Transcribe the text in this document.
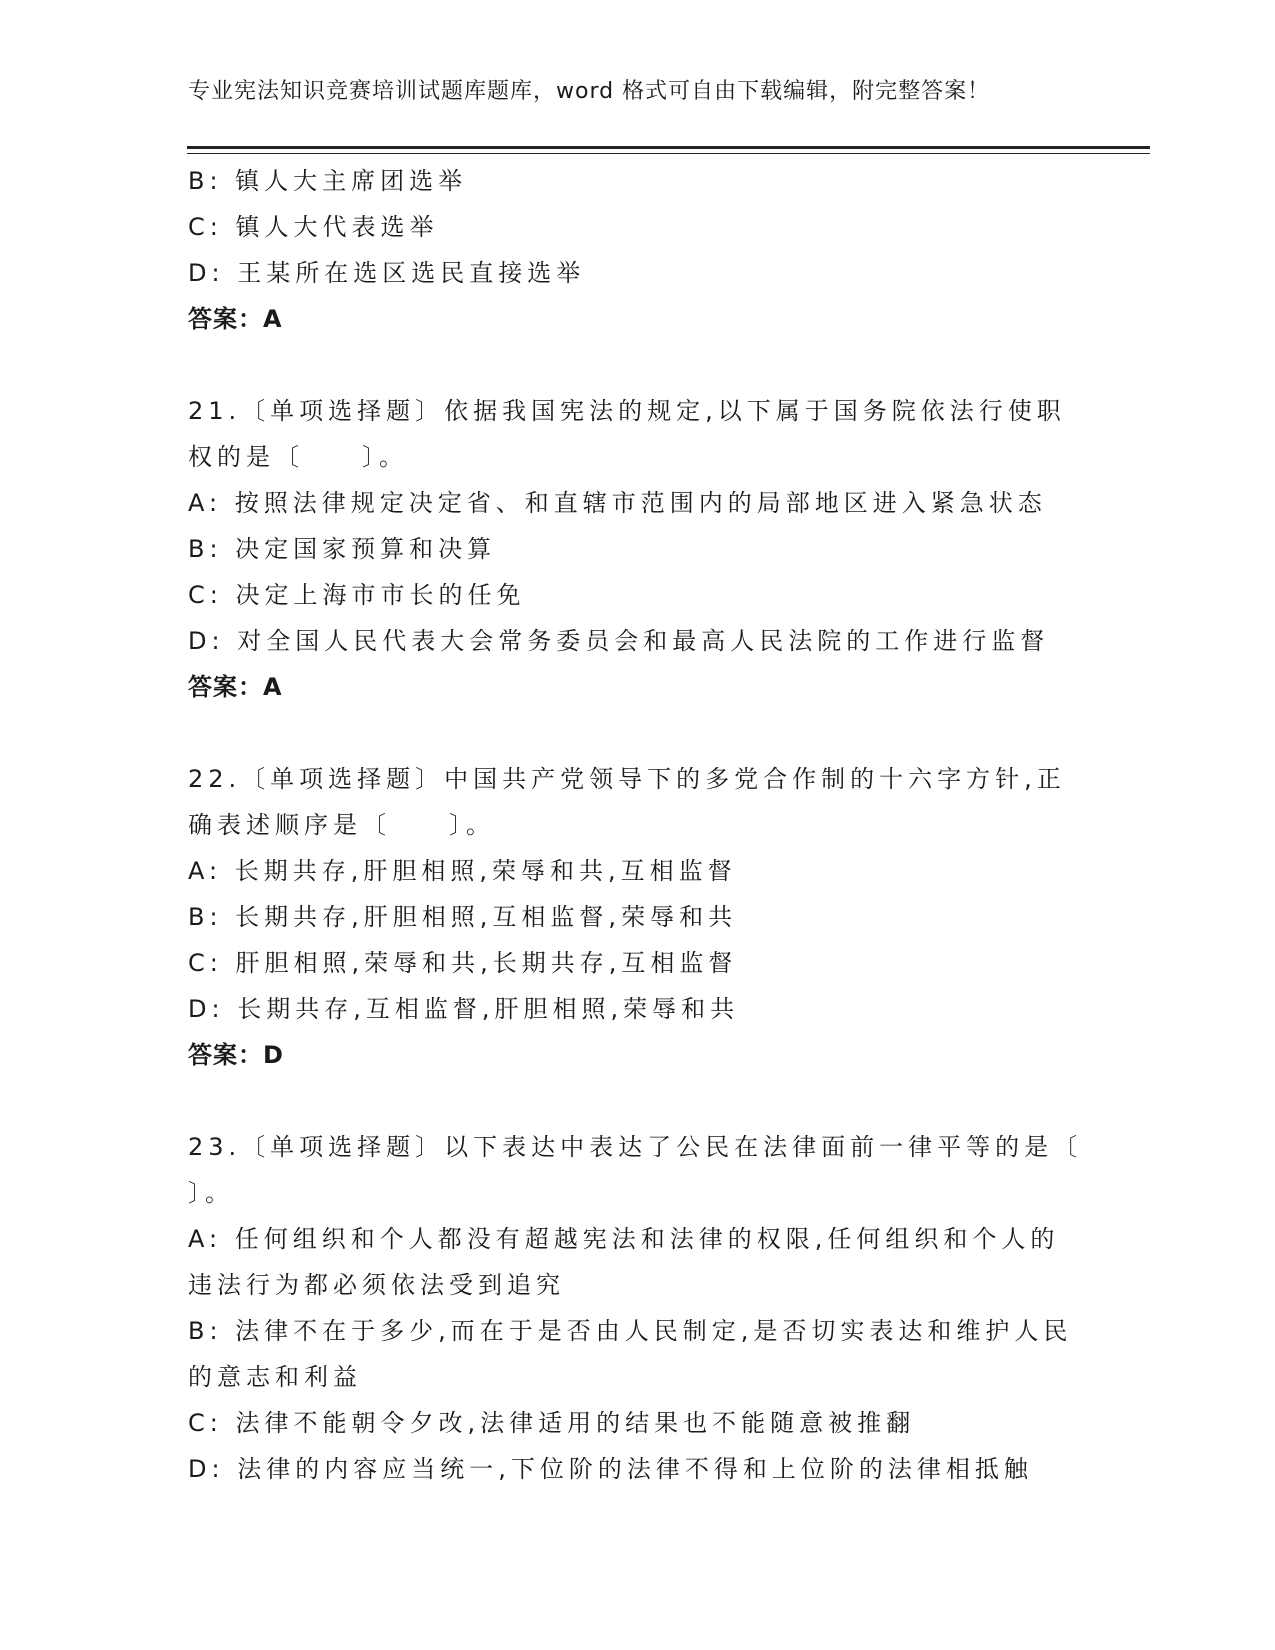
专业宪法知识竞赛培训试题库题库，word 格式可自由下载编辑，附完整答案！
B: 镇人大主席团选举
C: 镇人大代表选举
D: 王某所在选区选民直接选举
答案：A
21.〔单项选择题〕依据我国宪法的规定,以下属于国务院依法行使职
权的是〔　　〕。
A: 按照法律规定决定省、和直辖市范围内的局部地区进入紧急状态
B: 决定国家预算和决算
C: 决定上海市市长的任免
D: 对全国人民代表大会常务委员会和最高人民法院的工作进行监督
答案：A
22.〔单项选择题〕中国共产党领导下的多党合作制的十六字方针,正
确表述顺序是〔　　〕。
A: 长期共存,肝胆相照,荣辱和共,互相监督
B: 长期共存,肝胆相照,互相监督,荣辱和共
C: 肝胆相照,荣辱和共,长期共存,互相监督
D: 长期共存,互相监督,肝胆相照,荣辱和共
答案：D
23.〔单项选择题〕以下表达中表达了公民在法律面前一律平等的是〔
〕。
A: 任何组织和个人都没有超越宪法和法律的权限,任何组织和个人的
违法行为都必须依法受到追究
B: 法律不在于多少,而在于是否由人民制定,是否切实表达和维护人民
的意志和利益
C: 法律不能朝令夕改,法律适用的结果也不能随意被推翻
D: 法律的内容应当统一,下位阶的法律不得和上位阶的法律相抵触
